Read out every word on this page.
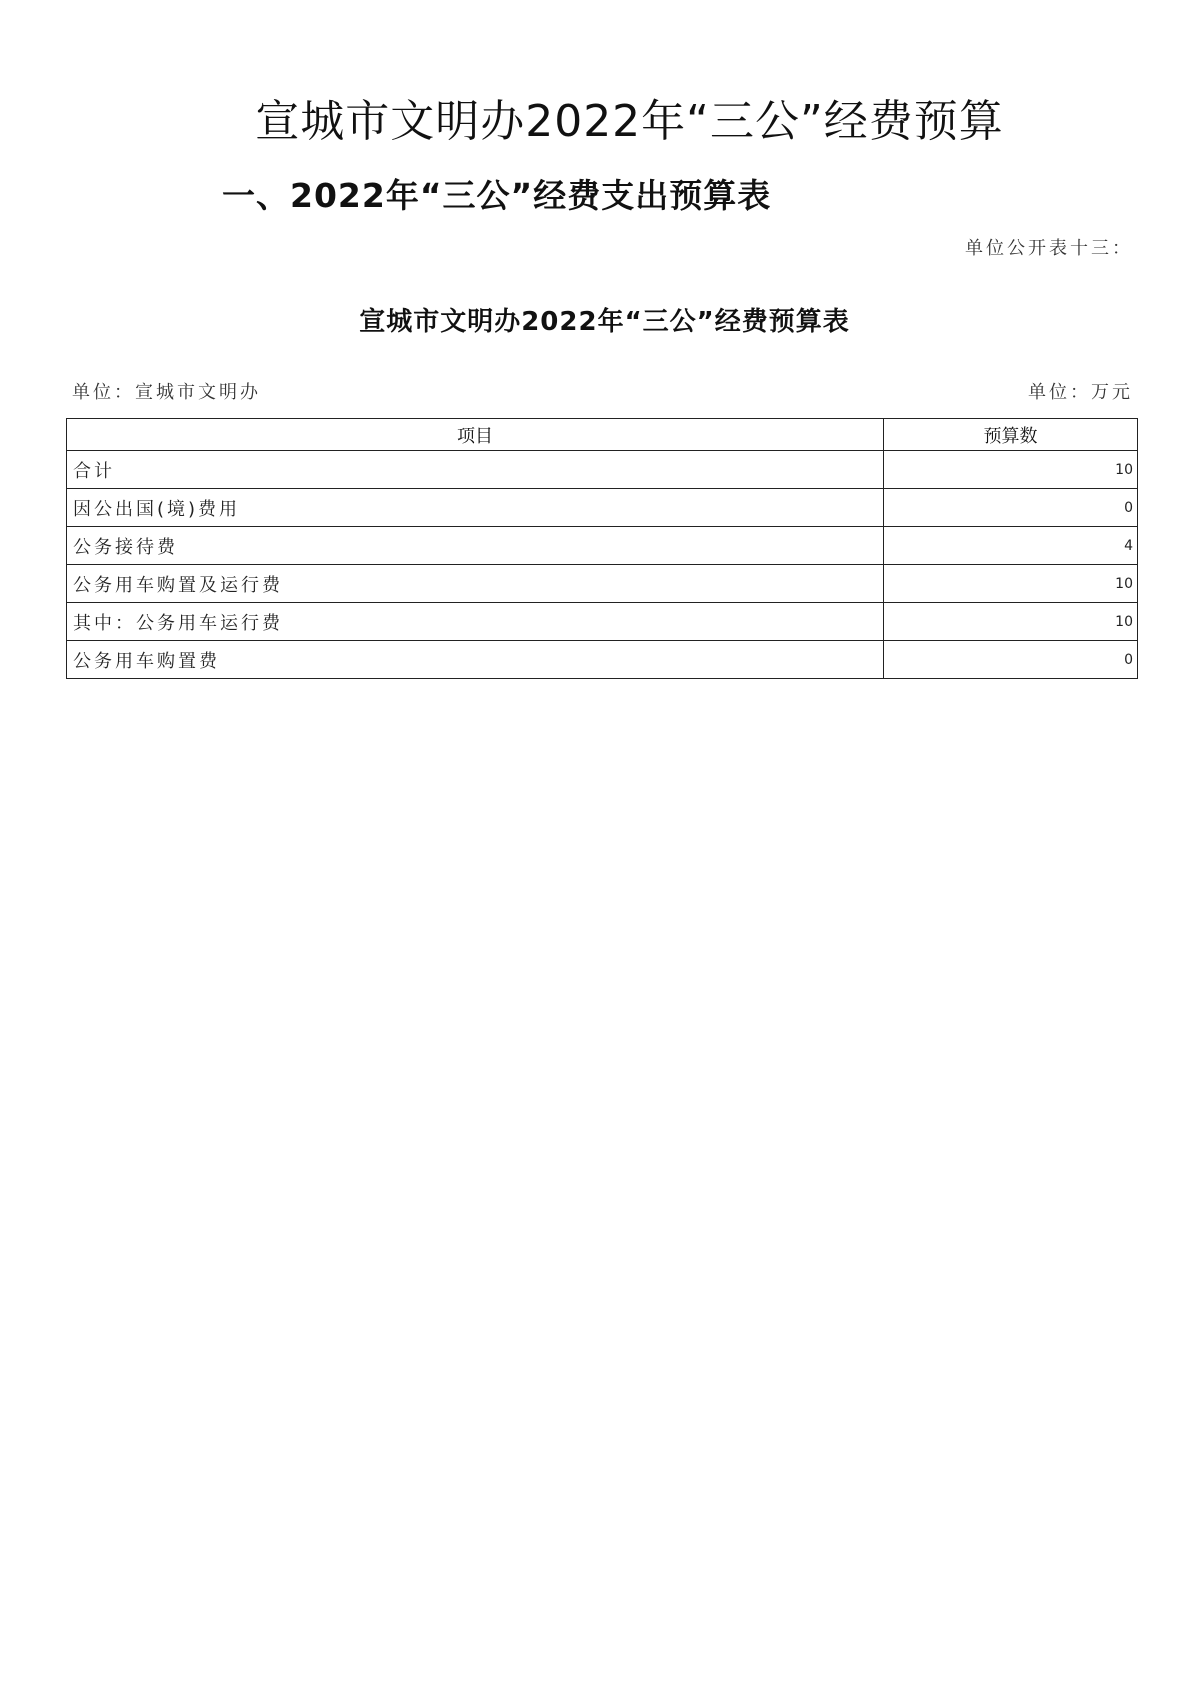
宣城市文明办2022年“三公”经费预算
一、2022年“三公”经费支出预算表
单位公开表十三：
宣城市文明办2022年“三公”经费预算表
单位：宣城市文明办	单位：万元
项目	预算数
合计	10
因公出国(境)费用	0
公务接待费	4
公务用车购置及运行费	10
其中：公务用车运行费	10
公务用车购置费	0
